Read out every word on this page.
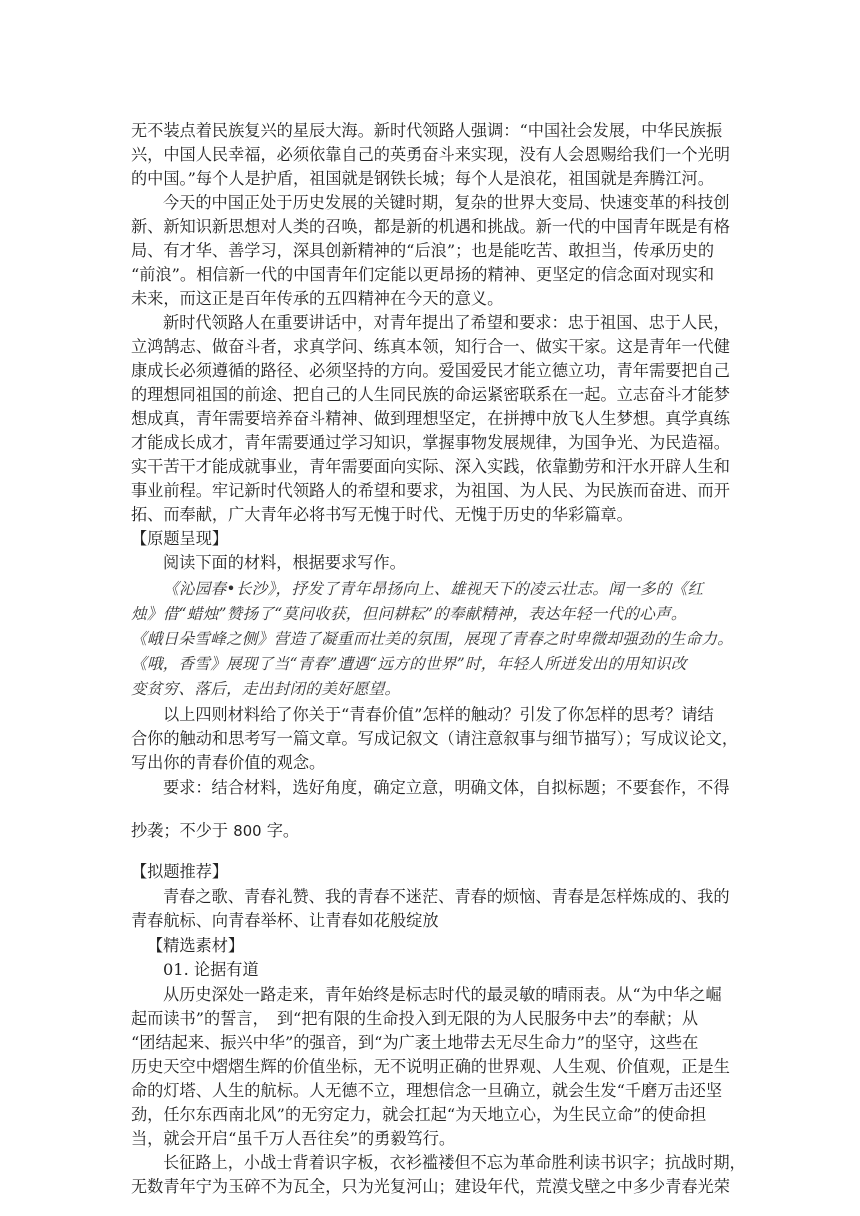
无不装点着民族复兴的星辰大海。新时代领路人强调：“中国社会发展，中华民族振
兴，中国人民幸福，必须依靠自己的英勇奋斗来实现，没有人会恩赐给我们一个光明
的中国。”每个人是护盾，祖国就是钢铁长城；每个人是浪花，祖国就是奔腾江河。
今天的中国正处于历史发展的关键时期，复杂的世界大变局、快速变革的科技创
新、新知识新思想对人类的召唤，都是新的机遇和挑战。新一代的中国青年既是有格
局、有才华、善学习，深具创新精神的“后浪”；也是能吃苦、敢担当，传承历史的
“前浪”。相信新一代的中国青年们定能以更昂扬的精神、更坚定的信念面对现实和
未来，而这正是百年传承的五四精神在今天的意义。
新时代领路人在重要讲话中，对青年提出了希望和要求：忠于祖国、忠于人民，
立鸿鹄志、做奋斗者，求真学问、练真本领，知行合一、做实干家。这是青年一代健
康成长必须遵循的路径、必须坚持的方向。爱国爱民才能立德立功，青年需要把自己
的理想同祖国的前途、把自己的人生同民族的命运紧密联系在一起。立志奋斗才能梦
想成真，青年需要培养奋斗精神、做到理想坚定，在拼搏中放飞人生梦想。真学真练
才能成长成才，青年需要通过学习知识，掌握事物发展规律，为国争光、为民造福。
实干苦干才能成就事业，青年需要面向实际、深入实践，依靠勤劳和汗水开辟人生和
事业前程。牢记新时代领路人的希望和要求，为祖国、为人民、为民族而奋进、而开
拓、而奉献，广大青年必将书写无愧于时代、无愧于历史的华彩篇章。
【原题呈现】
阅读下面的材料，根据要求写作。
《沁园春•长沙》，抒发了青年昂扬向上、雄视天下的凌云壮志。闻一多的《红
烛》借“蜡烛”赞扬了“莫问收获，但问耕耘”的奉献精神，表达年轻一代的心声。
《峨日朵雪峰之侧》营造了凝重而壮美的氛围，展现了青春之时卑微却强劲的生命力。
《哦，香雪》展现了当“青春”遭遇“远方的世界”时，年轻人所迸发出的用知识改
变贫穷、落后，走出封闭的美好愿望。
以上四则材料给了你关于“青春价值”怎样的触动？引发了你怎样的思考？请结
合你的触动和思考写一篇文章。写成记叙文（请注意叙事与细节描写）；写成议论文，
写出你的青春价值的观念。
要求：结合材料，选好角度，确定立意，明确文体，自拟标题；不要套作，不得
抄袭；不少于 800 字。
【拟题推荐】
青春之歌、青春礼赞、我的青春不迷茫、青春的烦恼、青春是怎样炼成的、我的
青春航标、向青春举杯、让青春如花般绽放
【精选素材】
01. 论据有道
从历史深处一路走来，青年始终是标志时代的最灵敏的晴雨表。从“为中华之崛
起而读书”的誓言，　到“把有限的生命投入到无限的为人民服务中去”的奉献；从
“团结起来、振兴中华”的强音，到“为广袤土地带去无尽生命力”的坚守，这些在
历史天空中熠熠生辉的价值坐标，无不说明正确的世界观、人生观、价值观，正是生
命的灯塔、人生的航标。人无德不立，理想信念一旦确立，就会生发“千磨万击还坚
劲，任尔东西南北风”的无穷定力，就会扛起“为天地立心，为生民立命”的使命担
当，就会开启“虽千万人吾往矣”的勇毅笃行。
长征路上，小战士背着识字板，衣衫褴褛但不忘为革命胜利读书识字；抗战时期，
无数青年宁为玉碎不为瓦全，只为光复河山；建设年代，荒漠戈壁之中多少青春光荣
